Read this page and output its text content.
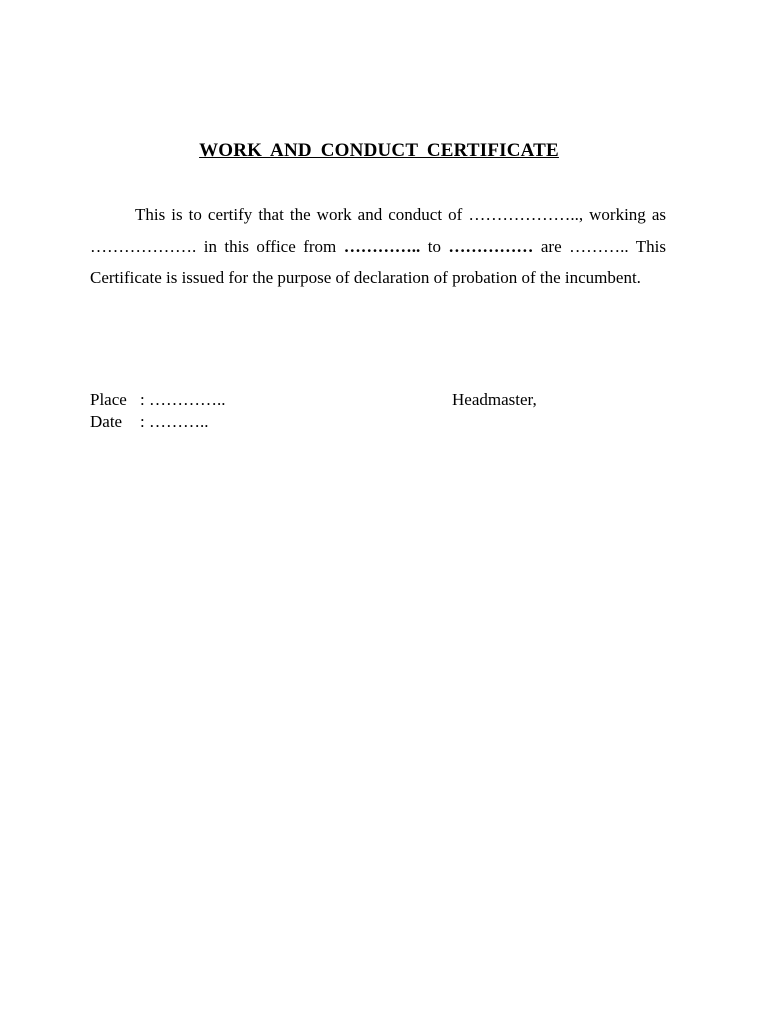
WORK AND CONDUCT CERTIFICATE

This is to certify that the work and conduct of ……………….., working as ………………. in this office from ………….. to …………… are ……….. This Certificate is issued for the purpose of declaration of probation of the incumbent.

Place : …………..	Headmaster,
Date : ………..
